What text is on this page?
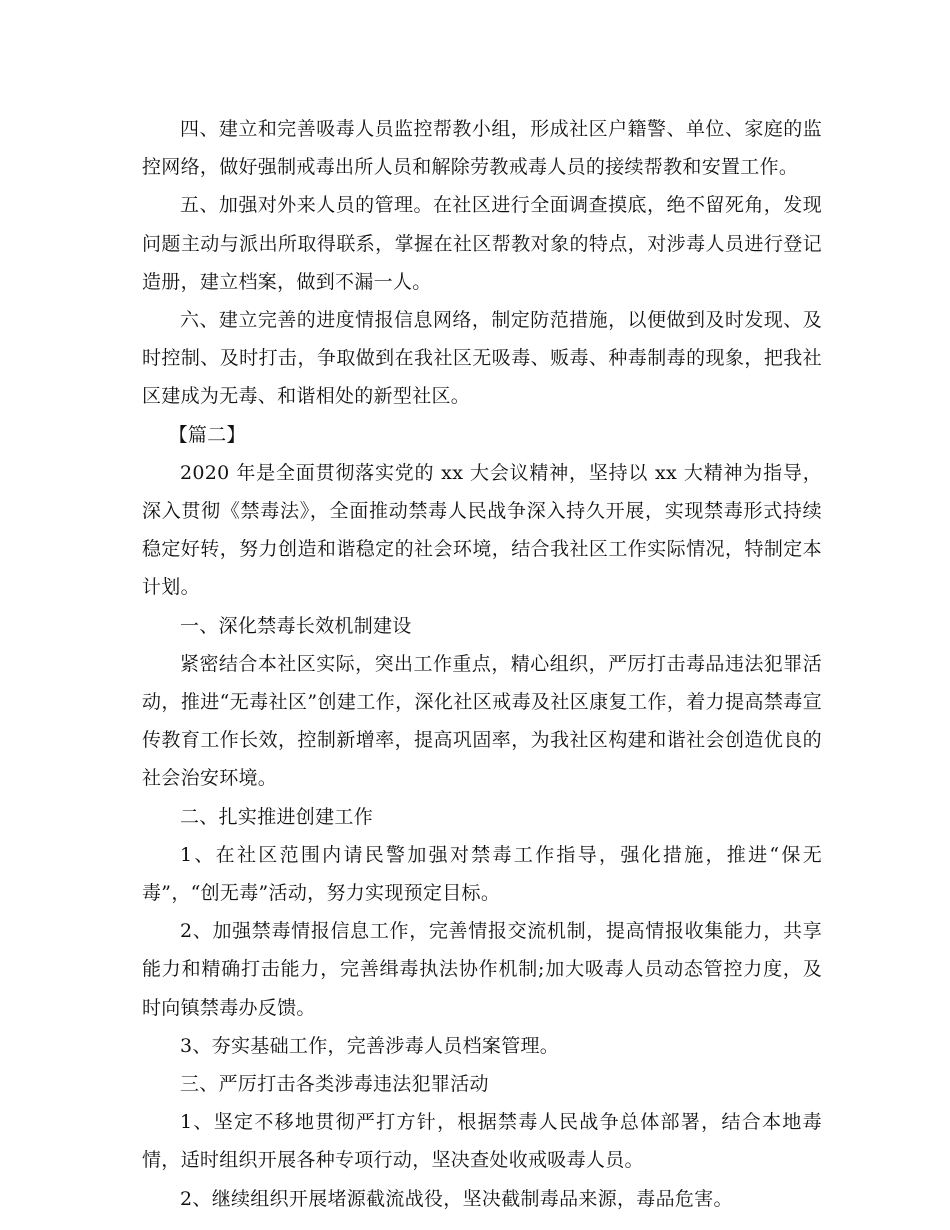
四、建立和完善吸毒人员监控帮教小组，形成社区户籍警、单位、家庭的监控网络，做好强制戒毒出所人员和解除劳教戒毒人员的接续帮教和安置工作。

五、加强对外来人员的管理。在社区进行全面调查摸底，绝不留死角，发现问题主动与派出所取得联系，掌握在社区帮教对象的特点，对涉毒人员进行登记造册，建立档案，做到不漏一人。

六、建立完善的进度情报信息网络，制定防范措施，以便做到及时发现、及时控制、及时打击，争取做到在我社区无吸毒、贩毒、种毒制毒的现象，把我社区建成为无毒、和谐相处的新型社区。

【篇二】

2020 年是全面贯彻落实党的 xx 大会议精神，坚持以 xx 大精神为指导，深入贯彻《禁毒法》，全面推动禁毒人民战争深入持久开展，实现禁毒形式持续稳定好转，努力创造和谐稳定的社会环境，结合我社区工作实际情况，特制定本计划。

一、深化禁毒长效机制建设

紧密结合本社区实际，突出工作重点，精心组织，严厉打击毒品违法犯罪活动，推进“无毒社区”创建工作，深化社区戒毒及社区康复工作，着力提高禁毒宣传教育工作长效，控制新增率，提高巩固率，为我社区构建和谐社会创造优良的社会治安环境。

二、扎实推进创建工作

1、在社区范围内请民警加强对禁毒工作指导，强化措施，推进“保无毒”，“创无毒”活动，努力实现预定目标。

2、加强禁毒情报信息工作，完善情报交流机制，提高情报收集能力，共享能力和精确打击能力，完善缉毒执法协作机制;加大吸毒人员动态管控力度，及时向镇禁毒办反馈。

3、夯实基础工作，完善涉毒人员档案管理。

三、严厉打击各类涉毒违法犯罪活动

1、坚定不移地贯彻严打方针，根据禁毒人民战争总体部署，结合本地毒情，适时组织开展各种专项行动，坚决查处收戒吸毒人员。

2、继续组织开展堵源截流战役，坚决截制毒品来源，毒品危害。
